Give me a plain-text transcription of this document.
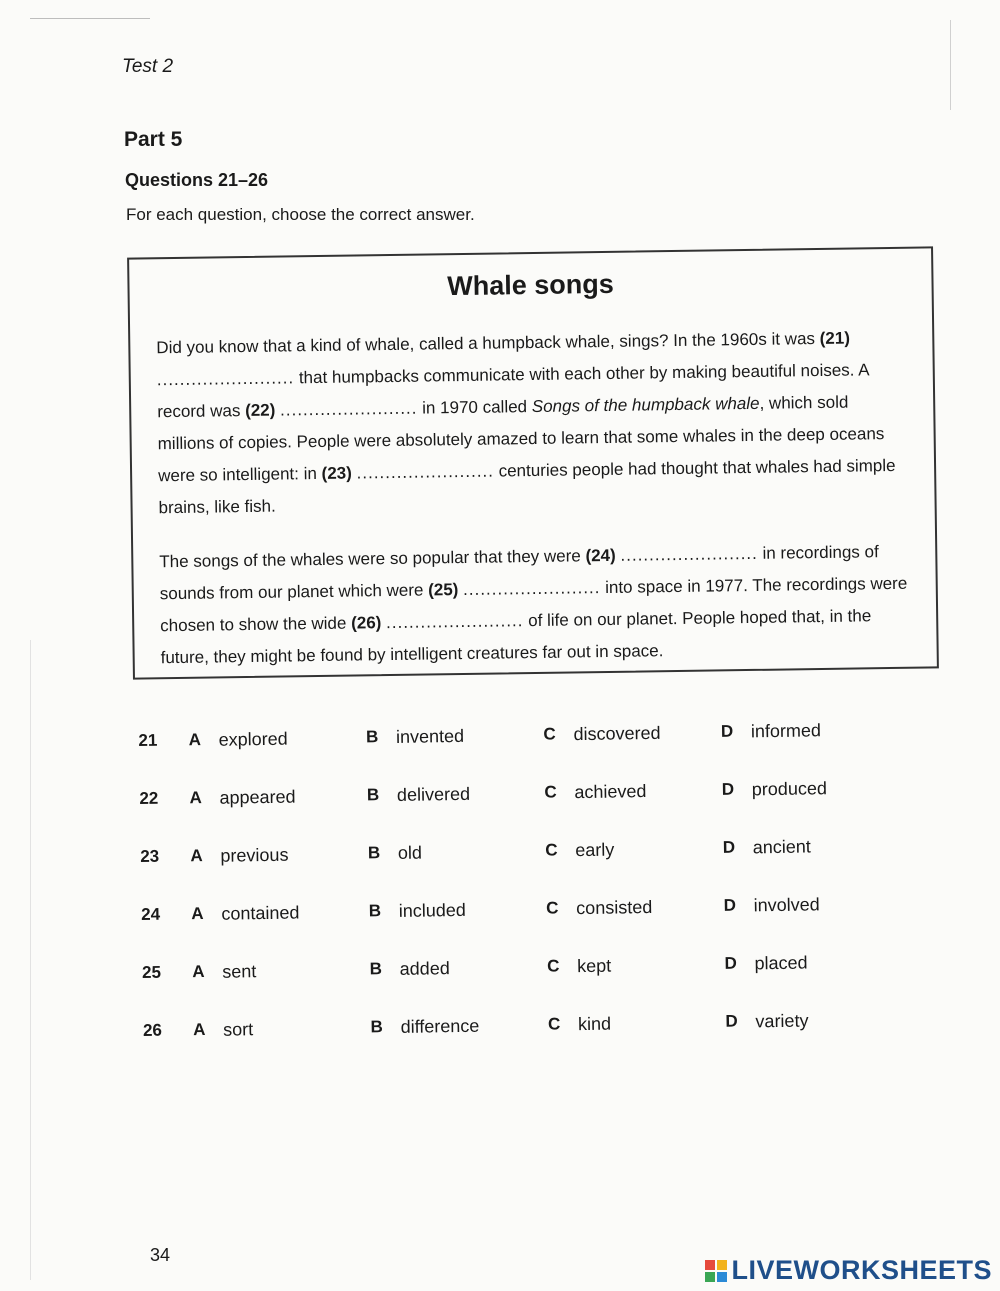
Test 2
Part 5
Questions 21–26
For each question, choose the correct answer.
Whale songs

Did you know that a kind of whale, called a humpback whale, sings? In the 1960s it was (21) ........................ that humpbacks communicate with each other by making beautiful noises. A record was (22) ........................ in 1970 called Songs of the humpback whale, which sold millions of copies. People were absolutely amazed to learn that some whales in the deep oceans were so intelligent: in (23) ........................ centuries people had thought that whales had simple brains, like fish.

The songs of the whales were so popular that they were (24) ........................ in recordings of sounds from our planet which were (25) ........................ into space in 1977. The recordings were chosen to show the wide (26) ........................ of life on our planet. People hoped that, in the future, they might be found by intelligent creatures far out in space.

21	A explored	B invented	C discovered	D informed
22	A appeared	B delivered	C achieved	D produced
23	A previous	B old	C early	D ancient
24	A contained	B included	C consisted	D involved
25	A sent	B added	C kept	D placed
26	A sort	B difference	C kind	D variety
34	LIVEWORKSHEETS
